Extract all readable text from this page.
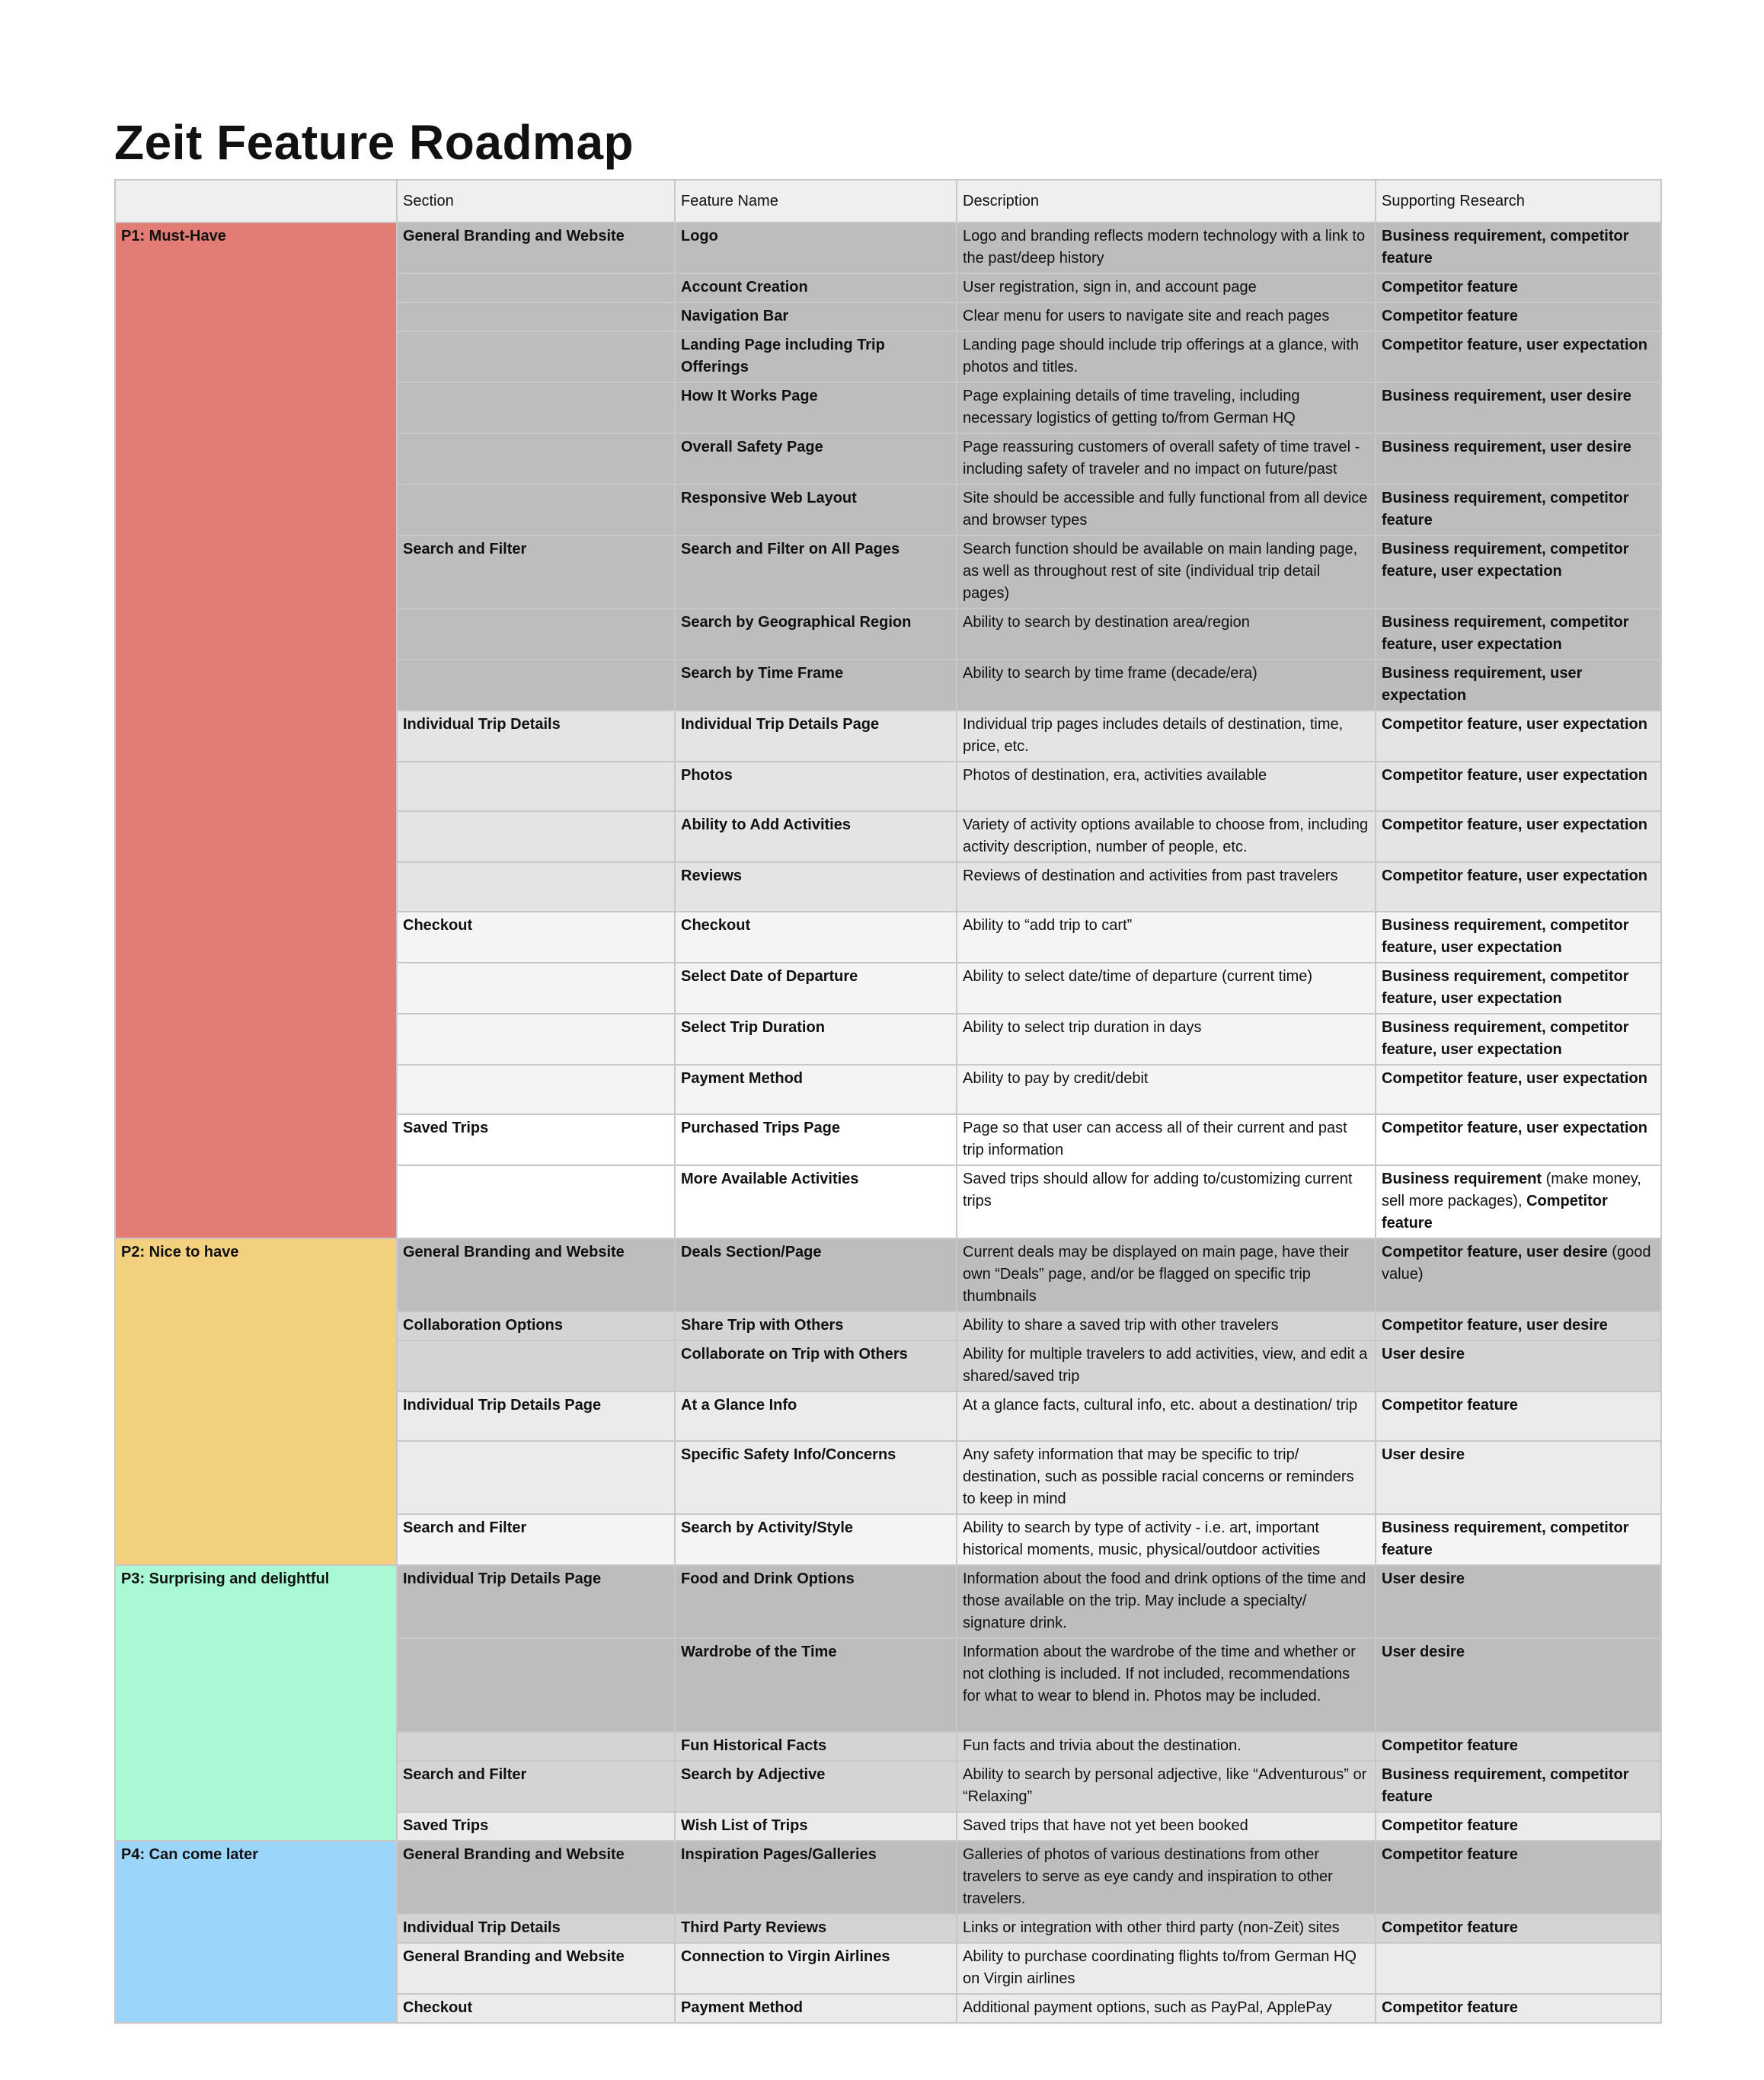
Zeit Feature Roadmap
	Section	Feature Name	Description	Supporting Research
P1: Must-Have	General Branding and Website	Logo	Logo and branding reflects modern technology with a link to the past/deep history	Business requirement, competitor feature
		Account Creation	User registration, sign in, and account page	Competitor feature
		Navigation Bar	Clear menu for users to navigate site and reach pages	Competitor feature
		Landing Page including Trip Offerings	Landing page should include trip offerings at a glance, with photos and titles.	Competitor feature, user expectation
		How It Works Page	Page explaining details of time traveling, including necessary logistics of getting to/from German HQ	Business requirement, user desire
		Overall Safety Page	Page reassuring customers of overall safety of time travel - including safety of traveler and no impact on future/past	Business requirement, user desire
		Responsive Web Layout	Site should be accessible and fully functional from all device and browser types	Business requirement, competitor feature
	Search and Filter	Search and Filter on All Pages	Search function should be available on main landing page, as well as throughout rest of site (individual trip detail pages)	Business requirement, competitor feature, user expectation
		Search by Geographical Region	Ability to search by destination area/region	Business requirement, competitor feature, user expectation
		Search by Time Frame	Ability to search by time frame (decade/era)	Business requirement, user expectation
	Individual Trip Details	Individual Trip Details Page	Individual trip pages includes details of destination, time, price, etc.	Competitor feature, user expectation
		Photos	Photos of destination, era, activities available	Competitor feature, user expectation
		Ability to Add Activities	Variety of activity options available to choose from, including activity description, number of people, etc.	Competitor feature, user expectation
		Reviews	Reviews of destination and activities from past travelers	Competitor feature, user expectation
	Checkout	Checkout	Ability to “add trip to cart”	Business requirement, competitor feature, user expectation
		Select Date of Departure	Ability to select date/time of departure (current time)	Business requirement, competitor feature, user expectation
		Select Trip Duration	Ability to select trip duration in days	Business requirement, competitor feature, user expectation
		Payment Method	Ability to pay by credit/debit	Competitor feature, user expectation
	Saved Trips	Purchased Trips Page	Page so that user can access all of their current and past trip information	Competitor feature, user expectation
		More Available Activities	Saved trips should allow for adding to/customizing current trips	Business requirement (make money, sell more packages), Competitor feature
P2: Nice to have	General Branding and Website	Deals Section/Page	Current deals may be displayed on main page, have their own “Deals” page, and/or be flagged on specific trip thumbnails	Competitor feature, user desire (good value)
	Collaboration Options	Share Trip with Others	Ability to share a saved trip with other travelers	Competitor feature, user desire
		Collaborate on Trip with Others	Ability for multiple travelers to add activities, view, and edit a shared/saved trip	User desire
	Individual Trip Details Page	At a Glance Info	At a glance facts, cultural info, etc. about a destination/ trip	Competitor feature
		Specific Safety Info/Concerns	Any safety information that may be specific to trip/ destination, such as possible racial concerns or reminders to keep in mind	User desire
	Search and Filter	Search by Activity/Style	Ability to search by type of activity - i.e. art, important historical moments, music, physical/outdoor activities	Business requirement, competitor feature
P3: Surprising and delightful	Individual Trip Details Page	Food and Drink Options	Information about the food and drink options of the time and those available on the trip. May include a specialty/ signature drink.	User desire
		Wardrobe of the Time	Information about the wardrobe of the time and whether or not clothing is included. If not included, recommendations for what to wear to blend in. Photos may be included.	User desire
		Fun Historical Facts	Fun facts and trivia about the destination.	Competitor feature
	Search and Filter	Search by Adjective	Ability to search by personal adjective, like “Adventurous” or “Relaxing”	Business requirement, competitor feature
	Saved Trips	Wish List of Trips	Saved trips that have not yet been booked	Competitor feature
P4: Can come later	General Branding and Website	Inspiration Pages/Galleries	Galleries of photos of various destinations from other travelers to serve as eye candy and inspiration to other travelers.	Competitor feature
	Individual Trip Details	Third Party Reviews	Links or integration with other third party (non-Zeit) sites	Competitor feature
	General Branding and Website	Connection to Virgin Airlines	Ability to purchase coordinating flights to/from German HQ on Virgin airlines	
	Checkout	Payment Method	Additional payment options, such as PayPal, ApplePay	Competitor feature
